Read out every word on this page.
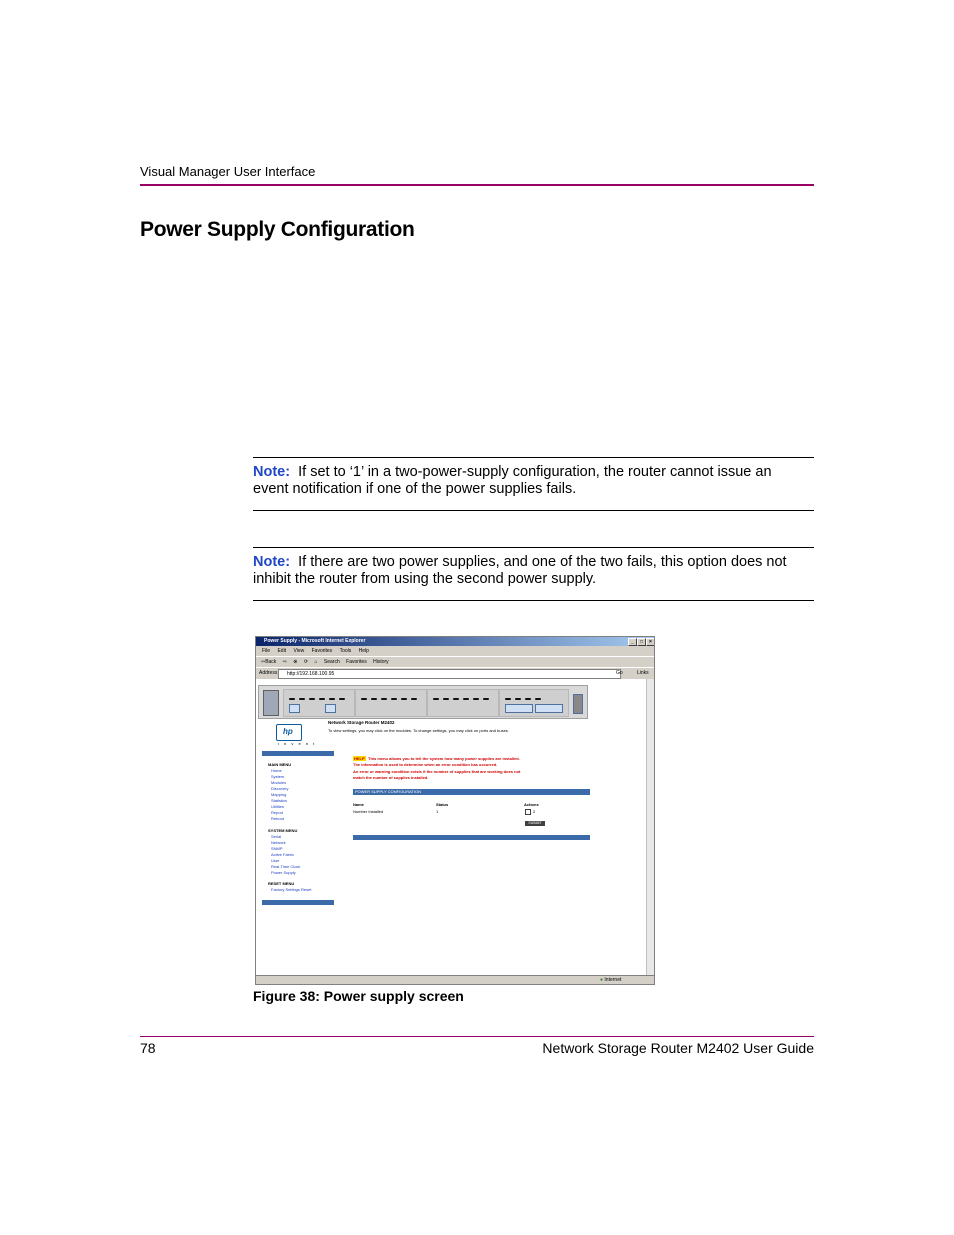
Visual Manager User Interface
Power Supply Configuration
Note: If set to ‘1’ in a two-power-supply configuration, the router cannot issue an event notification if one of the power supplies fails.
Note: If there are two power supplies, and one of the two fails, this option does not inhibit the router from using the second power supply.
Power Supply - Microsoft Internet Explorer	_	□	×
File Edit View Favorites Tools Help
⇦Back ⇨ ⊗ ⟳ ⌂ Search Favorites History
Address	http://192.168.100.95	Go	Links
hp
i n v e n t
MAIN MENU
Home
System
Modules
Discovery
Mapping
Statistics
Utilities
Report
Reboot
SYSTEM MENU
Serial
Network
SNMP
Active Fabric
User
Real-Time Clock
Power Supply
RESET MENU
Factory Settings Reset
Network Storage Router M2402
To view settings, you may click on the modules. To change settings, you may click on ports and buses.
HELP This menu allows you to tell the system how many power supplies are installed.
The information is used to determine when an error condition has occurred.
An error or warning condition exists if the number of supplies that are working does not
match the number of supplies installed.
POWER SUPPLY CONFIGURATION
Name	Status	Actions
Number Installed	1	2
SUBMIT
● Internet
Figure 38: Power supply screen
78	Network Storage Router M2402 User Guide
